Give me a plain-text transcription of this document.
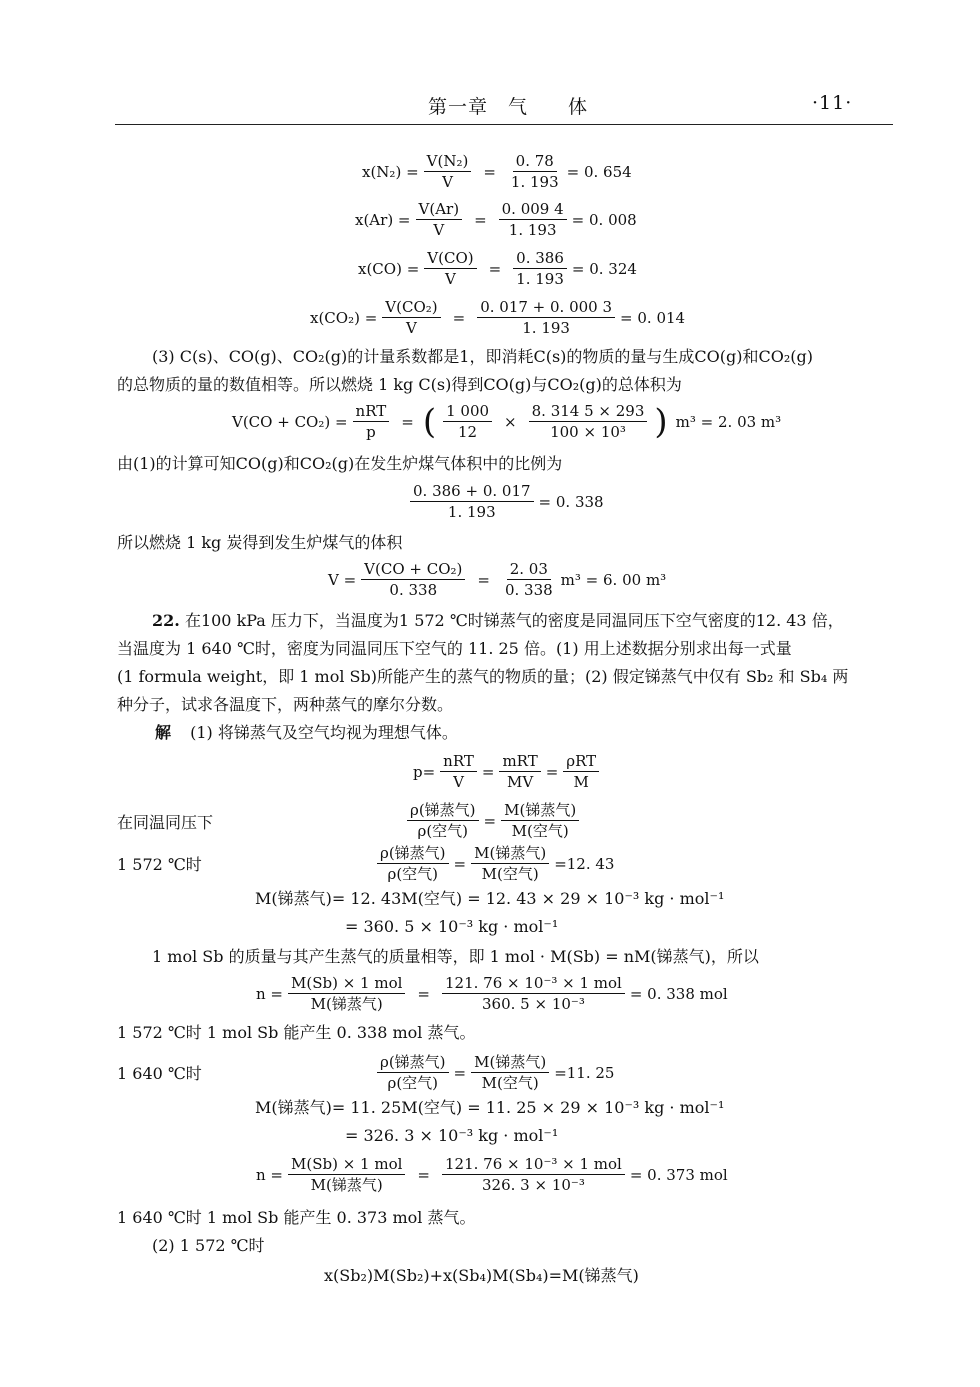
第一章　气　　体	·11·
$x(N_2) = \frac{\text{V(N₂)}}{V} = \frac{0. 78}{1. 193} = 0$. 654
$x(Ar) = \frac{V(Ar)}{V} = \frac{0. 009 4}{1. 193} = 0$. 008
$x(CO) = \frac{V(CO)}{V} = \frac{0. 386}{1. 193} = 0$. 324
$x(CO_2) = \frac{\text{V(CO₂)}}{V} = \frac{0. 017 + 0. 000 3}{1. 193} = 0$. 014
(3) C(s)、CO(g)、CO₂(g)的计量系数都是1，即消耗C(s)的物质的量与生成CO(g)和CO₂(g)
的总物质的量的数值相等。所以燃烧 1 kg C(s)得到CO(g)与CO₂(g)的总体积为
$V(CO + CO_2) = \frac{\text{nRT}}{p}$ = ( $\frac{1 000}{12} \times \frac{8. 314 5 \times 293}{\text{100 × 10³}}$ ) m³ = 2. 03 m³
由(1)的计算可知CO(g)和CO₂(g)在发生炉煤气体积中的比例为
$\frac{0. 386 + 0. 017}{1. 193} = 0$. 338
所以燃烧 1 kg 炭得到发生炉煤气的体积
$V = \frac{\text{V(CO + CO₂)}}{0. 338} = \frac{2. 03}{0. 338} m^3 = 6$. 00 m³
22. 在100 kPa 压力下，当温度为1 572 ℃时锑蒸气的密度是同温同压下空气密度的12. 43 倍，
当温度为 1 640 ℃时，密度为同温同压下空气的 11. 25 倍。(1) 用上述数据分别求出每一式量
(1 formula weight，即 1 mol Sb)所能产生的蒸气的物质的量；(2) 假定锑蒸气中仅有 Sb₂ 和 Sb₄ 两
种分子，试求各温度下，两种蒸气的摩尔分数。
解 (1) 将锑蒸气及空气均视为理想气体。
$p= \frac{\text{nRT}}{V} = \frac{\text{mRT}}{MV} = \frac{\text{ρRT}}{M}$
在同温同压下	$\frac{\text{ρ(锑蒸气)}}{\text{ρ(空气)}} = \frac{\text{M(锑蒸气)}}{\text{M(空气)}}$
1 572 ℃时	$\frac{\text{ρ(锑蒸气)}}{\text{ρ(空气)}} = \frac{\text{M(锑蒸气)}}{\text{M(空气)}} =12$. 43
M(锑蒸气)= 12. 43M(空气) = 12. 43 × 29 × 10⁻³ kg · mol⁻¹
= 360. 5 × 10⁻³ kg · mol⁻¹
1 mol Sb 的质量与其产生蒸气的质量相等，即 1 mol · M(Sb) = nM(锑蒸气)，所以
$n = \frac{\text{M(Sb) × 1 mol}}{\text{M(锑蒸气)}} = \frac{\text{121. 76 × 10⁻³ × 1 mol}}{\text{360. 5 × 10⁻³}} = 0$. 338 mol
1 572 ℃时 1 mol Sb 能产生 0. 338 mol 蒸气。
1 640 ℃时	$\frac{\text{ρ(锑蒸气)}}{\text{ρ(空气)}} = \frac{\text{M(锑蒸气)}}{\text{M(空气)}} =11$. 25
M(锑蒸气)= 11. 25M(空气) = 11. 25 × 29 × 10⁻³ kg · mol⁻¹
= 326. 3 × 10⁻³ kg · mol⁻¹
$n = \frac{\text{M(Sb) × 1 mol}}{\text{M(锑蒸气)}} = \frac{\text{121. 76 × 10⁻³ × 1 mol}}{\text{326. 3 × 10⁻³}} = 0$. 373 mol
1 640 ℃时 1 mol Sb 能产生 0. 373 mol 蒸气。
(2) 1 572 ℃时
x(Sb₂)M(Sb₂)+x(Sb₄)M(Sb₄)=M(锑蒸气)
